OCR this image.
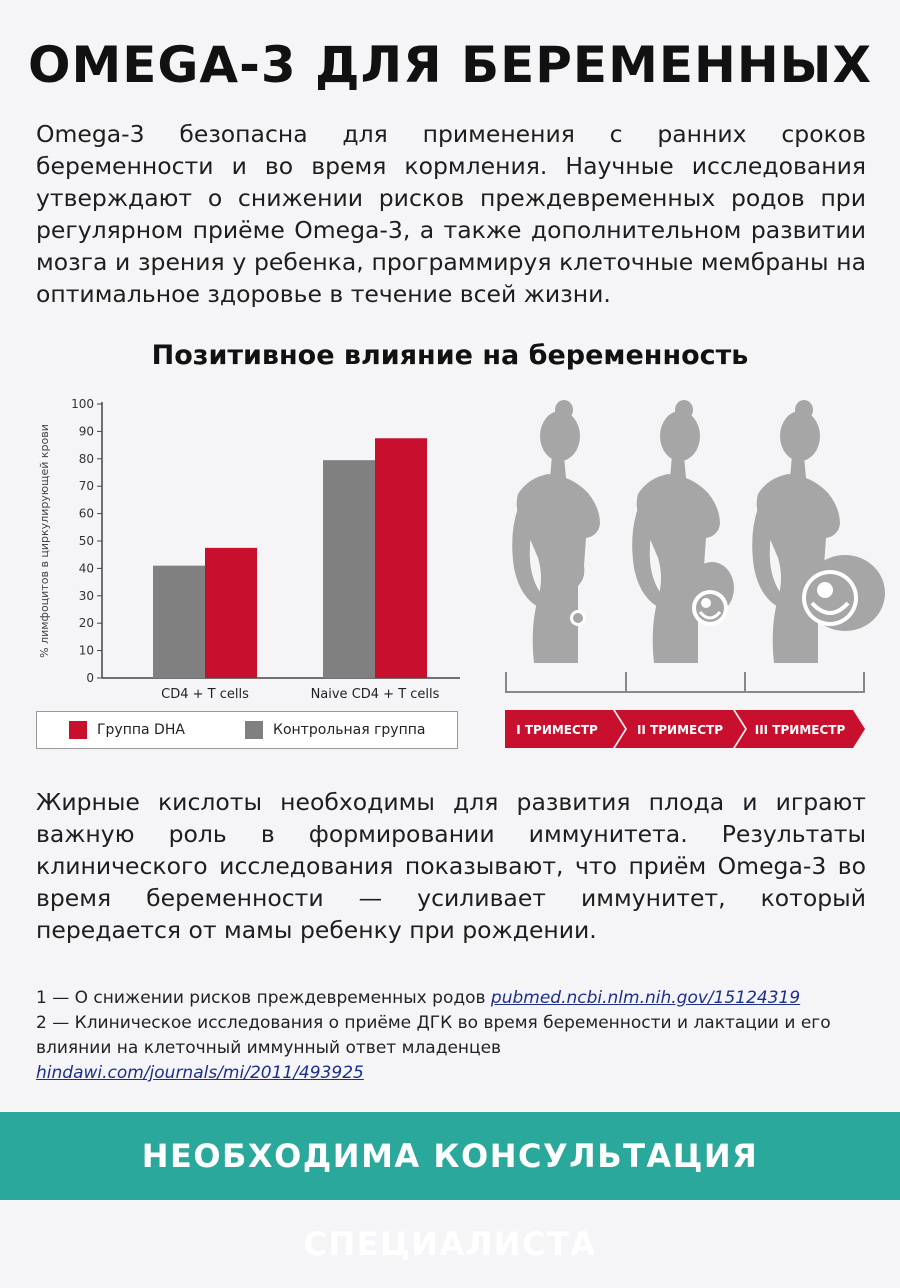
OMEGA-3 ДЛЯ БЕРЕМЕННЫХ
Omega-3 безопасна для применения с ранних сроков беременности и во время кормления. Научные исследования утверждают о снижении рисков преждевременных родов при регулярном приёме Omega-3, а также дополнительном развитии мозга и зрения у ребенка, программируя клеточные мембраны на оптимальное здоровье в течение всей жизни.
Позитивное влияние на беременность
0
10
20
30
40
50
60
70
80
90
100
% лимфоцитов в циркулирующей крови
CD4 + T cells	Naive CD4 + T cells
Группа DHA	Контрольная группа	I ТРИМЕСТР	II ТРИМЕСТР	III ТРИМЕСТР
Жирные кислоты необходимы для развития плода и играют важную роль в формировании иммунитета. Результаты клинического исследования показывают, что приём Omega-3 во время беременности — усиливает иммунитет, который передается от мамы ребенку при рождении.
1 — О снижении рисков преждевременных родов pubmed.ncbi.nlm.nih.gov/15124319
2 — Клиническое исследования о приёме ДГК во время беременности и лактации и его влиянии на клеточный иммунный ответ младенцев
hindawi.com/journals/mi/2011/493925
НЕОБХОДИМА КОНСУЛЬТАЦИЯ СПЕЦИАЛИСТА
